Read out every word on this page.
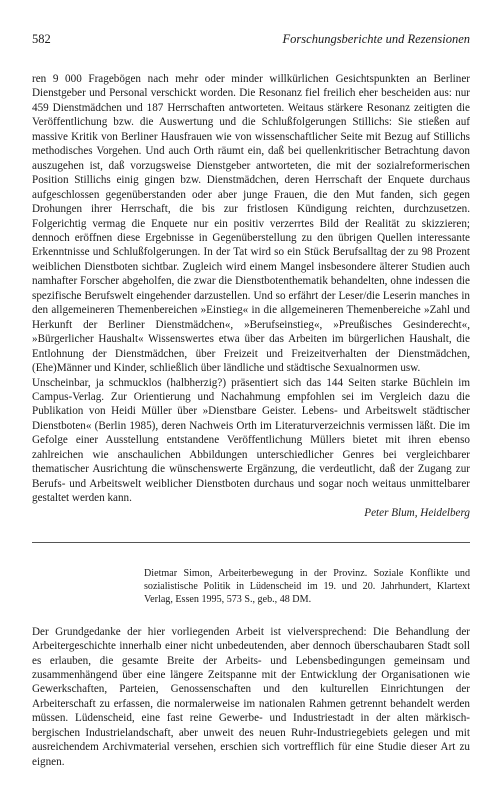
582	Forschungsberichte und Rezensionen

ren 9 000 Fragebögen nach mehr oder minder willkürlichen Gesichtspunkten an Berliner Dienstgeber und Personal verschickt worden. Die Resonanz fiel freilich eher bescheiden aus: nur 459 Dienstmädchen und 187 Herrschaften antworteten. Weitaus stärkere Resonanz zeitigten die Veröffentlichung bzw. die Auswertung und die Schlußfolgerungen Stillichs: Sie stießen auf massive Kritik von Berliner Hausfrauen wie von wissenschaftlicher Seite mit Bezug auf Stillichs methodisches Vorgehen. Und auch Orth räumt ein, daß bei quellenkritischer Betrachtung davon auszugehen ist, daß vorzugsweise Dienstgeber antworteten, die mit der sozialreformerischen Position Stillichs einig gingen bzw. Dienstmädchen, deren Herrschaft der Enquete durchaus aufgeschlossen gegenüberstanden oder aber junge Frauen, die den Mut fanden, sich gegen Drohungen ihrer Herrschaft, die bis zur fristlosen Kündigung reichten, durchzusetzen. Folgerichtig vermag die Enquete nur ein positiv verzerrtes Bild der Realität zu skizzieren; dennoch eröffnen diese Ergebnisse in Gegenüberstellung zu den übrigen Quellen interessante Erkenntnisse und Schlußfolgerungen. In der Tat wird so ein Stück Berufsalltag der zu 98 Prozent weiblichen Dienstboten sichtbar. Zugleich wird einem Mangel insbesondere älterer Studien auch namhafter Forscher abgeholfen, die zwar die Dienstbotenthematik behandelten, ohne indessen die spezifische Berufswelt eingehender darzustellen. Und so erfährt der Leser/die Leserin manches in den allgemeineren Themenbereichen »Einstieg« in die allgemeineren Themenbereiche »Zahl und Herkunft der Berliner Dienstmädchen«, »Berufseinstieg«, »Preußisches Gesinderecht«, »Bürgerlicher Haushalt« Wissenswertes etwa über das Arbeiten im bürgerlichen Haushalt, die Entlohnung der Dienstmädchen, über Freizeit und Freizeitverhalten der Dienstmädchen, (Ehe)Männer und Kinder, schließlich über ländliche und städtische Sexualnormen usw.

Unscheinbar, ja schmucklos (halbherzig?) präsentiert sich das 144 Seiten starke Büchlein im Campus-Verlag. Zur Orientierung und Nachahmung empfohlen sei im Vergleich dazu die Publikation von Heidi Müller über »Dienstbare Geister. Lebens- und Arbeitswelt städtischer Dienstboten« (Berlin 1985), deren Nachweis Orth im Literaturverzeichnis vermissen läßt. Die im Gefolge einer Ausstellung entstandene Veröffentlichung Müllers bietet mit ihren ebenso zahlreichen wie anschaulichen Abbildungen unterschiedlicher Genres bei vergleichbarer thematischer Ausrichtung die wünschenswerte Ergänzung, die verdeutlicht, daß der Zugang zur Berufs- und Arbeitswelt weiblicher Dienstboten durchaus und sogar noch weitaus unmittelbarer gestaltet werden kann.

Peter Blum, Heidelberg

Dietmar Simon, Arbeiterbewegung in der Provinz. Soziale Konflikte und sozialistische Politik in Lüdenscheid im 19. und 20. Jahrhundert, Klartext Verlag, Essen 1995, 573 S., geb., 48 DM.

Der Grundgedanke der hier vorliegenden Arbeit ist vielversprechend: Die Behandlung der Arbeitergeschichte innerhalb einer nicht unbedeutenden, aber dennoch überschaubaren Stadt soll es erlauben, die gesamte Breite der Arbeits- und Lebensbedingungen gemeinsam und zusammenhängend über eine längere Zeitspanne mit der Entwicklung der Organisationen wie Gewerkschaften, Parteien, Genossenschaften und den kulturellen Einrichtungen der Arbeiterschaft zu erfassen, die normalerweise im nationalen Rahmen getrennt behandelt werden müssen. Lüdenscheid, eine fast reine Gewerbe- und Industriestadt in der alten märkisch-bergischen Industrielandschaft, aber unweit des neuen Ruhr-Industriegebiets gelegen und mit ausreichendem Archivmaterial versehen, erschien sich vortrefflich für eine Studie dieser Art zu eignen.
